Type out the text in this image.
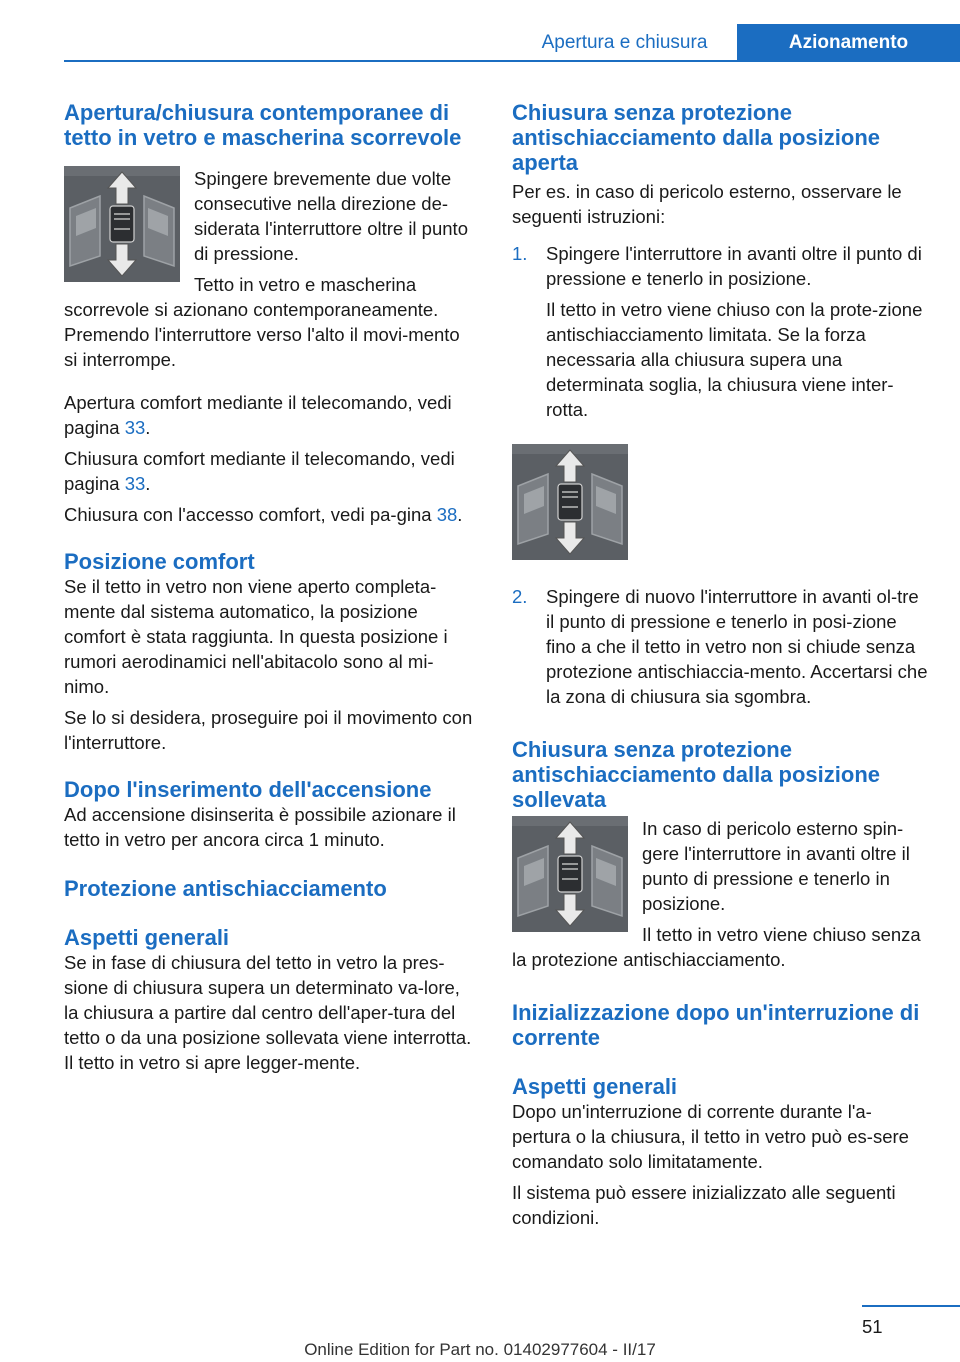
Apertura e chiusura	Azionamento
Apertura/chiusura contemporanee di tetto in vetro e mascherina scorrevole

Spingere brevemente due volte consecutive nella direzione de-siderata l'interruttore oltre il punto di pressione.

Tetto in vetro e mascherina scorrevole si azionano contemporaneamente. Premendo l'interruttore verso l'alto il movi-mento si interrompe.

Apertura comfort mediante il telecomando, vedi pagina 33.

Chiusura comfort mediante il telecomando, vedi pagina 33.

Chiusura con l'accesso comfort, vedi pa-gina 38.

Posizione comfort

Se il tetto in vetro non viene aperto completa-mente dal sistema automatico, la posizione comfort è stata raggiunta. In questa posizione i rumori aerodinamici nell'abitacolo sono al mi-nimo.

Se lo si desidera, proseguire poi il movimento con l'interruttore.

Dopo l'inserimento dell'accensione

Ad accensione disinserita è possibile azionare il tetto in vetro per ancora circa 1 minuto.

Protezione antischiacciamento
Aspetti generali

Se in fase di chiusura del tetto in vetro la pres-sione di chiusura supera un determinato va-lore, la chiusura a partire dal centro dell'aper-tura del tetto o da una posizione sollevata viene interrotta. Il tetto in vetro si apre legger-mente.

Chiusura senza protezione antischiacciamento dalla posizione aperta

Per es. in caso di pericolo esterno, osservare le seguenti istruzioni:

1.	Spingere l'interruttore in avanti oltre il punto di pressione e tenerlo in posizione.

Il tetto in vetro viene chiuso con la prote-zione antischiacciamento limitata. Se la forza necessaria alla chiusura supera una determinata soglia, la chiusura viene inter-rotta.

2.	Spingere di nuovo l'interruttore in avanti ol-tre il punto di pressione e tenerlo in posi-zione fino a che il tetto in vetro non si chiude senza protezione antischiaccia-mento. Accertarsi che la zona di chiusura sia sgombra.

Chiusura senza protezione antischiacciamento dalla posizione sollevata

In caso di pericolo esterno spin-gere l'interruttore in avanti oltre il punto di pressione e tenerlo in posizione.

Il tetto in vetro viene chiuso senza la protezione antischiacciamento.

Inizializzazione dopo un'interruzione di corrente
Aspetti generali

Dopo un'interruzione di corrente durante l'a-pertura o la chiusura, il tetto in vetro può es-sere comandato solo limitatamente.

Il sistema può essere inizializzato alle seguenti condizioni.

51
Online Edition for Part no. 01402977604 - II/17
